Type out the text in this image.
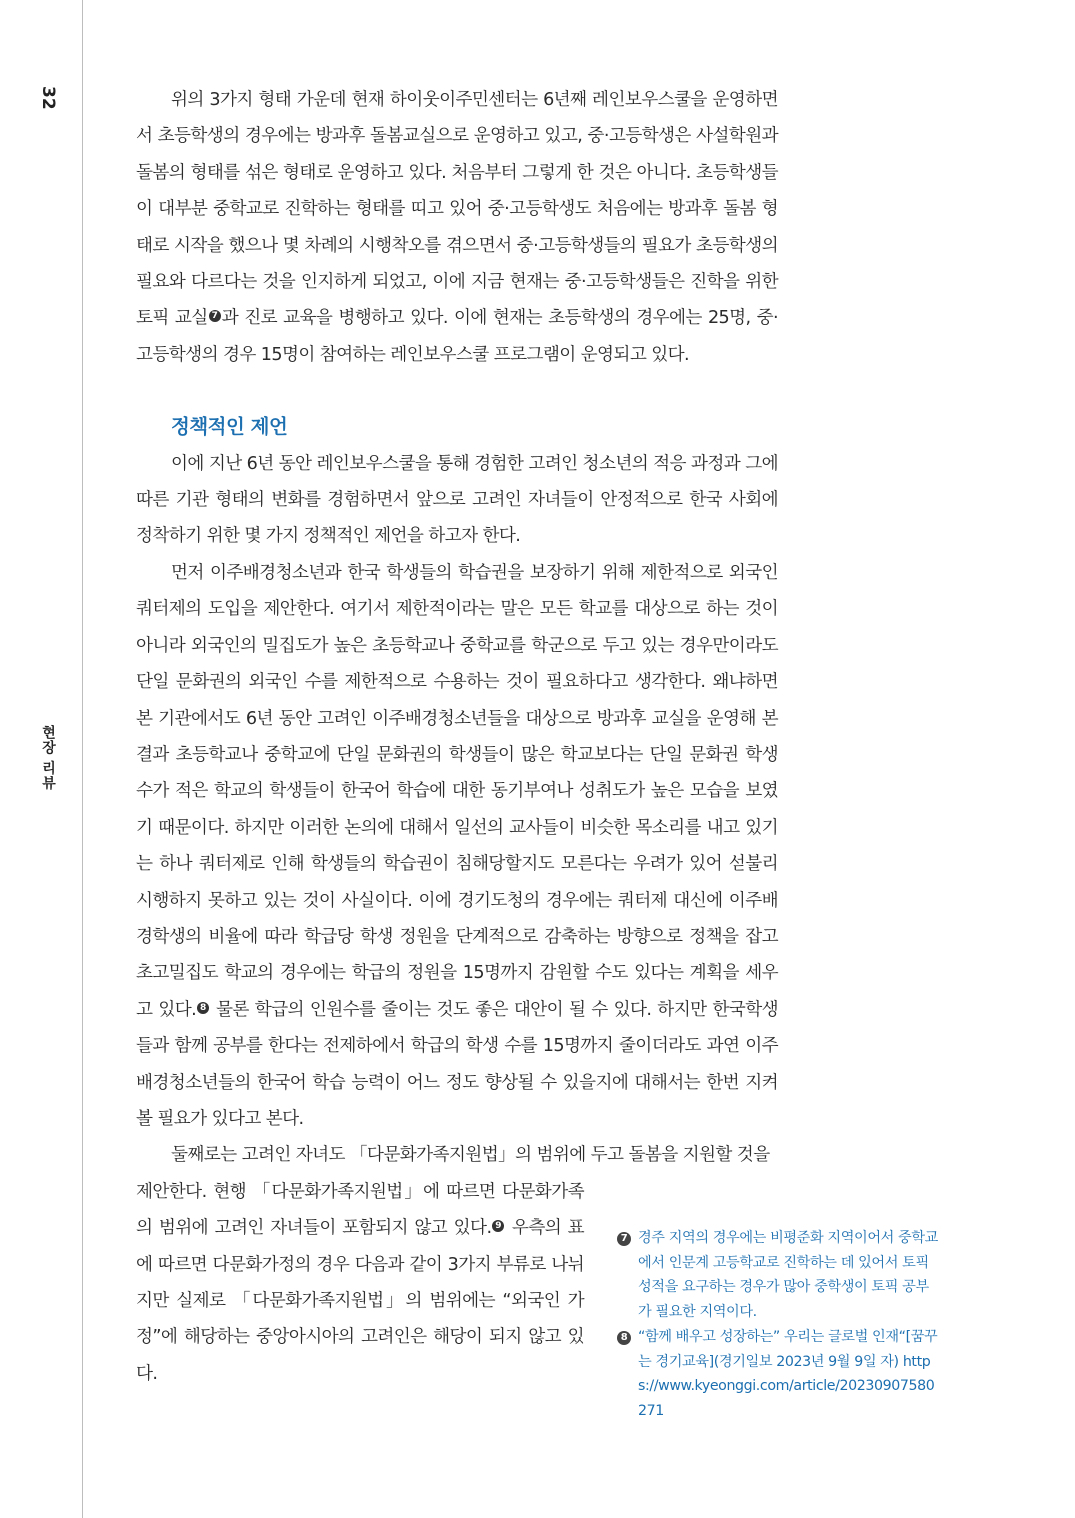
32
현장 리뷰

위의 3가지 형태 가운데 현재 하이웃이주민센터는 6년째 레인보우스쿨을 운영하면서 초등학생의 경우에는 방과후 돌봄교실으로 운영하고 있고, 중·고등학생은 사설학원과 돌봄의 형태를 섞은 형태로 운영하고 있다. 처음부터 그렇게 한 것은 아니다. 초등학생들이 대부분 중학교로 진학하는 형태를 띠고 있어 중·고등학생도 처음에는 방과후 돌봄 형태로 시작을 했으나 몇 차례의 시행착오를 겪으면서 중·고등학생들의 필요가 초등학생의 필요와 다르다는 것을 인지하게 되었고, 이에 지금 현재는 중·고등학생들은 진학을 위한 토픽 교실 7 과 진로 교육을 병행하고 있다. 이에 현재는 초등학생의 경우에는 25명, 중·고등학생의 경우 15명이 참여하는 레인보우스쿨 프로그램이 운영되고 있다.

정책적인 제언

이에 지난 6년 동안 레인보우스쿨을 통해 경험한 고려인 청소년의 적응 과정과 그에 따른 기관 형태의 변화를 경험하면서 앞으로 고려인 자녀들이 안정적으로 한국 사회에 정착하기 위한 몇 가지 정책적인 제언을 하고자 한다.

먼저 이주배경청소년과 한국 학생들의 학습권을 보장하기 위해 제한적으로 외국인 쿼터제의 도입을 제안한다. 여기서 제한적이라는 말은 모든 학교를 대상으로 하는 것이 아니라 외국인의 밀집도가 높은 초등학교나 중학교를 학군으로 두고 있는 경우만이라도 단일 문화권의 외국인 수를 제한적으로 수용하는 것이 필요하다고 생각한다. 왜냐하면 본 기관에서도 6년 동안 고려인 이주배경청소년들을 대상으로 방과후 교실을 운영해 본 결과 초등학교나 중학교에 단일 문화권의 학생들이 많은 학교보다는 단일 문화권 학생 수가 적은 학교의 학생들이 한국어 학습에 대한 동기부여나 성취도가 높은 모습을 보였기 때문이다. 하지만 이러한 논의에 대해서 일선의 교사들이 비슷한 목소리를 내고 있기는 하나 쿼터제로 인해 학생들의 학습권이 침해당할지도 모른다는 우려가 있어 섣불리 시행하지 못하고 있는 것이 사실이다. 이에 경기도청의 경우에는 쿼터제 대신에 이주배경학생의 비율에 따라 학급당 학생 정원을 단계적으로 감축하는 방향으로 정책을 잡고 초고밀집도 학교의 경우에는 학급의 정원을 15명까지 감원할 수도 있다는 계획을 세우고 있다. 8 물론 학급의 인원수를 줄이는 것도 좋은 대안이 될 수 있다. 하지만 한국학생들과 함께 공부를 한다는 전제하에서 학급의 학생 수를 15명까지 줄이더라도 과연 이주배경청소년들의 한국어 학습 능력이 어느 정도 향상될 수 있을지에 대해서는 한번 지켜볼 필요가 있다고 본다.

둘째로는 고려인 자녀도 「다문화가족지원법」의 범위에 두고 돌봄을 지원할 것을

제안한다. 현행 「다문화가족지원법」에 따르면 다문화가족의 범위에 고려인 자녀들이 포함되지 않고 있다. 9 우측의 표에 따르면 다문화가정의 경우 다음과 같이 3가지 부류로 나뉘지만 실제로 「다문화가족지원법」의 범위에는 “외국인 가정”에 해당하는 중앙아시아의 고려인은 해당이 되지 않고 있다.

7 경주 지역의 경우에는 비평준화 지역이어서 중학교에서 인문계 고등학교로 진학하는 데 있어서 토픽 성적을 요구하는 경우가 많아 중학생이 토픽 공부가 필요한 지역이다.

8 “함께 배우고 성장하는” 우리는 글로벌 인재“[꿈꾸는 경기교육](경기일보 2023년 9월 9일 자) https://www.kyeonggi.com/article/20230907580271
